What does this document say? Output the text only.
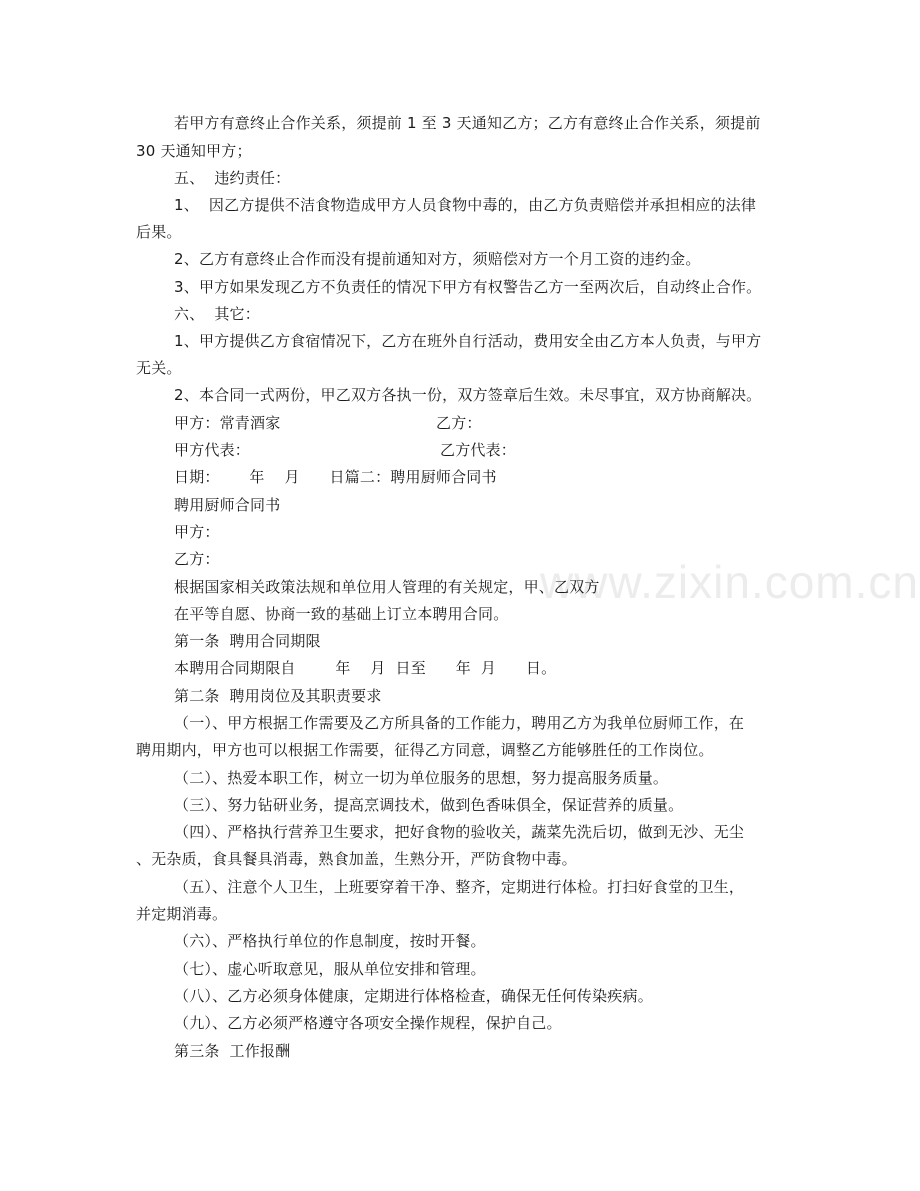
www.zixin.com.cn
若甲方有意终止合作关系，须提前 1 至 3 天通知乙方；乙方有意终止合作关系，须提前
30 天通知甲方；
五、  违约责任：
1、  因乙方提供不洁食物造成甲方人员食物中毒的，由乙方负责赔偿并承担相应的法律
后果。
2、乙方有意终止合作而没有提前通知对方，须赔偿对方一个月工资的违约金。
3、甲方如果发现乙方不负责任的情况下甲方有权警告乙方一至两次后，自动终止合作。
六、  其它：
1、甲方提供乙方食宿情况下，乙方在班外自行活动，费用安全由乙方本人负责，与甲方
无关。
2、本合同一式两份，甲乙双方各执一份，双方签章后生效。未尽事宜，双方协商解决。
甲方：常青酒家	乙方：
甲方代表：	乙方代表：
日期：      年    月      日篇二：聘用厨师合同书
聘用厨师合同书
甲方：
乙方：
根据国家相关政策法规和单位用人管理的有关规定，甲、乙双方
在平等自愿、协商一致的基础上订立本聘用合同。
第一条  聘用合同期限
本聘用合同期限自        年    月  日至      年  月      日。
第二条  聘用岗位及其职责要求
（一）、甲方根据工作需要及乙方所具备的工作能力，聘用乙方为我单位厨师工作，在
聘用期内，甲方也可以根据工作需要，征得乙方同意，调整乙方能够胜任的工作岗位。
（二）、热爱本职工作，树立一切为单位服务的思想，努力提高服务质量。
（三）、努力钻研业务，提高烹调技术，做到色香味俱全，保证营养的质量。
（四）、严格执行营养卫生要求，把好食物的验收关，蔬菜先洗后切，做到无沙、无尘
、无杂质，食具餐具消毒，熟食加盖，生熟分开，严防食物中毒。
（五）、注意个人卫生，上班要穿着干净、整齐，定期进行体检。打扫好食堂的卫生，
并定期消毒。
（六）、严格执行单位的作息制度，按时开餐。
（七）、虚心听取意见，服从单位安排和管理。
（八）、乙方必须身体健康，定期进行体格检查，确保无任何传染疾病。
（九）、乙方必须严格遵守各项安全操作规程，保护自己。
第三条  工作报酬
